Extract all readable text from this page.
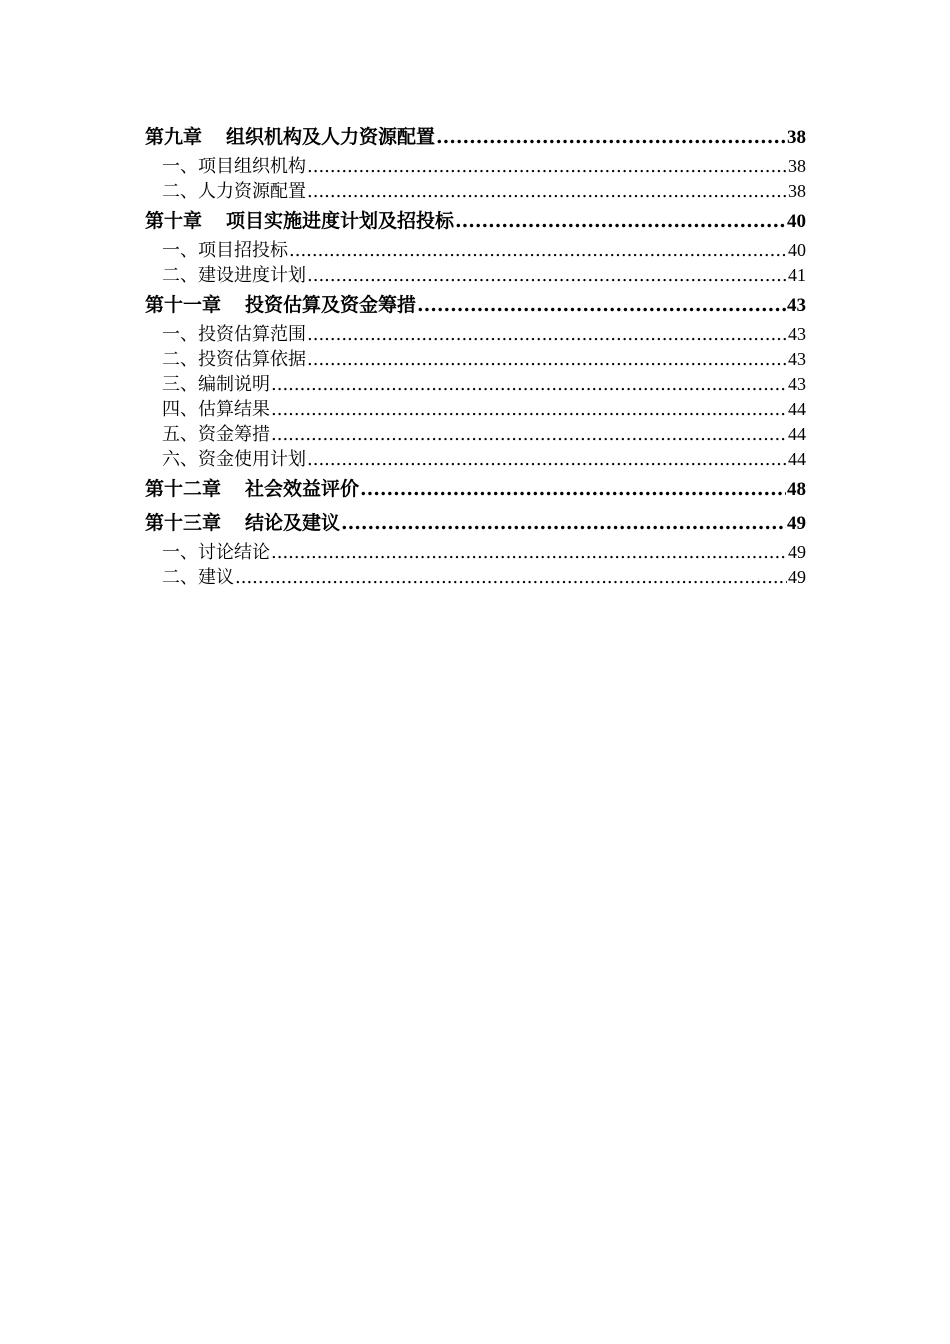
第九章 组织机构及人力资源配置 .....	38
一、项目组织机构 .....	38
二、人力资源配置 .....	38
第十章 项目实施进度计划及招投标 .....	40
一、项目招投标 .....	40
二、建设进度计划 .....	41
第十一章 投资估算及资金筹措 .....	43
一、投资估算范围 .....	43
二、投资估算依据 .....	43
三、编制说明 .....	43
四、估算结果 .....	44
五、资金筹措 .....	44
六、资金使用计划 .....	44
第十二章 社会效益评价 .....	48
第十三章 结论及建议 .....	49
一、讨论结论 .....	49
二、建议 .....	49
